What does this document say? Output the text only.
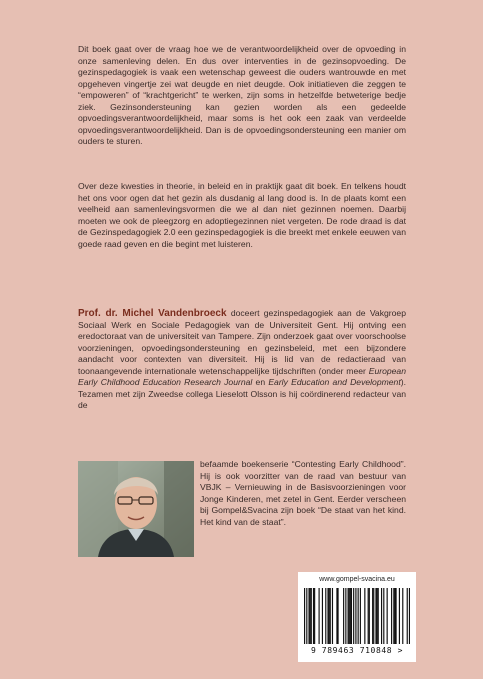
Dit boek gaat over de vraag hoe we de verantwoordelijkheid over de opvoeding in onze samenleving delen. En dus over interventies in de gezinsopvoeding. De gezinspedagogiek is vaak een wetenschap geweest die ouders wantrouwde en met opgeheven vingertje zei wat deugde en niet deugde. Ook initiatieven die zeggen te “empoweren” of “krachtgericht” te werken, zijn soms in hetzelfde betweterige bedje ziek. Gezinsondersteuning kan gezien worden als een gedeelde opvoedingsverantwoordelijkheid, maar soms is het ook een zaak van verdeelde opvoedingsverantwoordelijkheid. Dan is de opvoedingsondersteuning een manier om ouders te sturen.

Over deze kwesties in theorie, in beleid en in praktijk gaat dit boek. En telkens houdt het ons voor ogen dat het gezin als dusdanig al lang dood is. In de plaats komt een veelheid aan samenlevingsvormen die we al dan niet gezinnen noemen. Daarbij moeten we ook de pleegzorg en adoptiegezinnen niet vergeten. De rode draad is dat de Gezinspedagogiek 2.0 een gezinspedagogiek is die breekt met enkele eeuwen van goede raad geven en die begint met luisteren.

Prof. dr. Michel Vandenbroeck doceert gezinspedagogiek aan de Vakgroep Sociaal Werk en Sociale Pedagogiek van de Universiteit Gent. Hij ontving een eredoctoraat van de universiteit van Tampere. Zijn onderzoek gaat over voorschoolse voorzieningen, opvoedingsondersteuning en gezinsbeleid, met een bijzondere aandacht voor contexten van diversiteit. Hij is lid van de redactieraad van toonaangevende internationale wetenschappelijke tijdschriften (onder meer European Early Childhood Education Research Journal en Early Education and Development). Tezamen met zijn Zweedse collega Lieselott Olsson is hij coördinerend redacteur van de

befaamde boekenserie “Contesting Early Childhood”. Hij is ook voorzitter van de raad van bestuur van VBJK – Vernieuwing in de Basisvoorzieningen voor Jonge Kinderen, met zetel in Gent. Eerder verscheen bij Gompel&Svacina zijn boek “De staat van het kind. Het kind van de staat”.

www.gompel-svacina.eu
9 789463 710848 >
